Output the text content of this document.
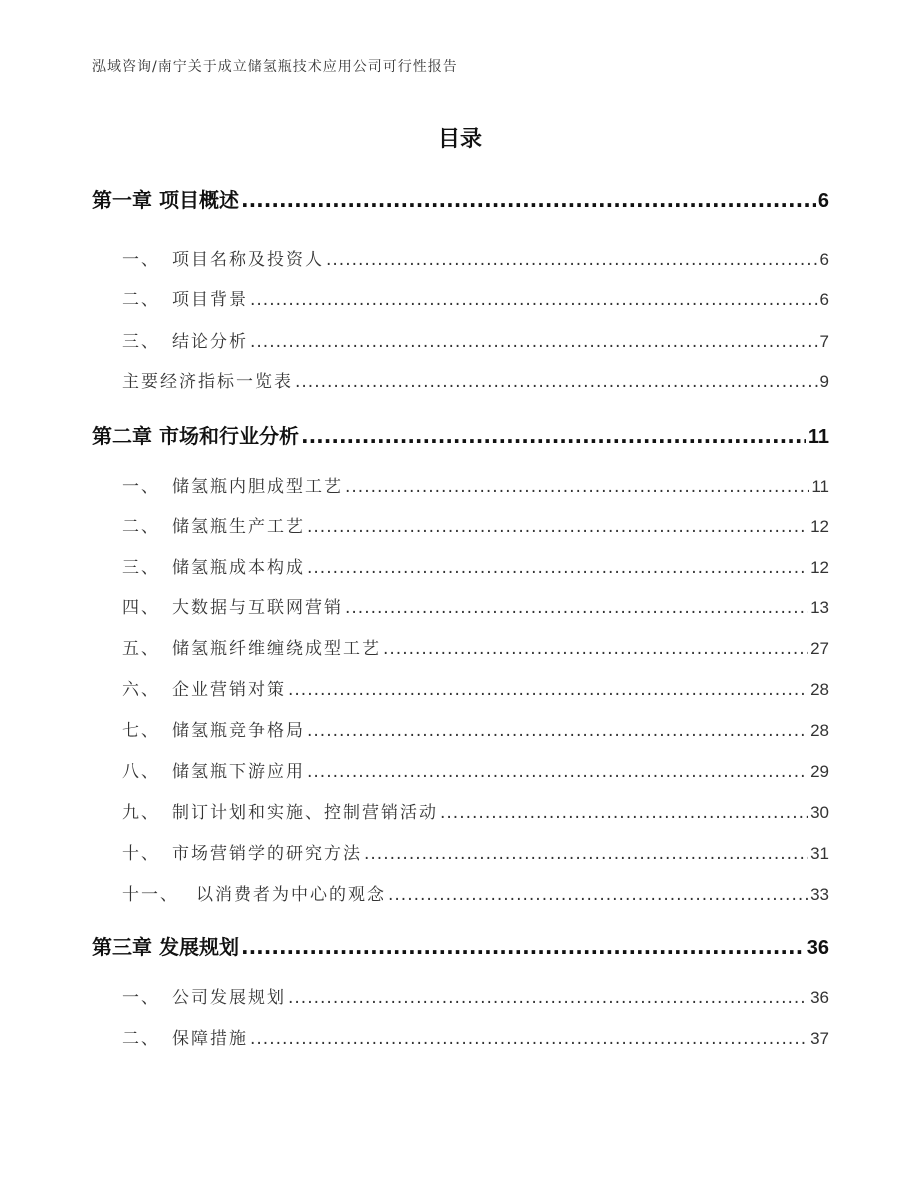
泓域咨询/南宁关于成立储氢瓶技术应用公司可行性报告
目录
第一章 项目概述 .....	6
一、 项目名称及投资人 .....	6
二、 项目背景 .....	6
三、 结论分析 .....	7
主要经济指标一览表 .....	9
第二章 市场和行业分析 .....	11
一、 储氢瓶内胆成型工艺 .....	11
二、 储氢瓶生产工艺 .....	12
三、 储氢瓶成本构成 .....	12
四、 大数据与互联网营销 .....	13
五、 储氢瓶纤维缠绕成型工艺 .....	27
六、 企业营销对策 .....	28
七、 储氢瓶竞争格局 .....	28
八、 储氢瓶下游应用 .....	29
九、 制订计划和实施、控制营销活动 .....	30
十、 市场营销学的研究方法 .....	31
十一、	以消费者为中心的观念 .....	33
第三章 发展规划 .....	36
一、 公司发展规划 .....	36
二、 保障措施 .....	37
